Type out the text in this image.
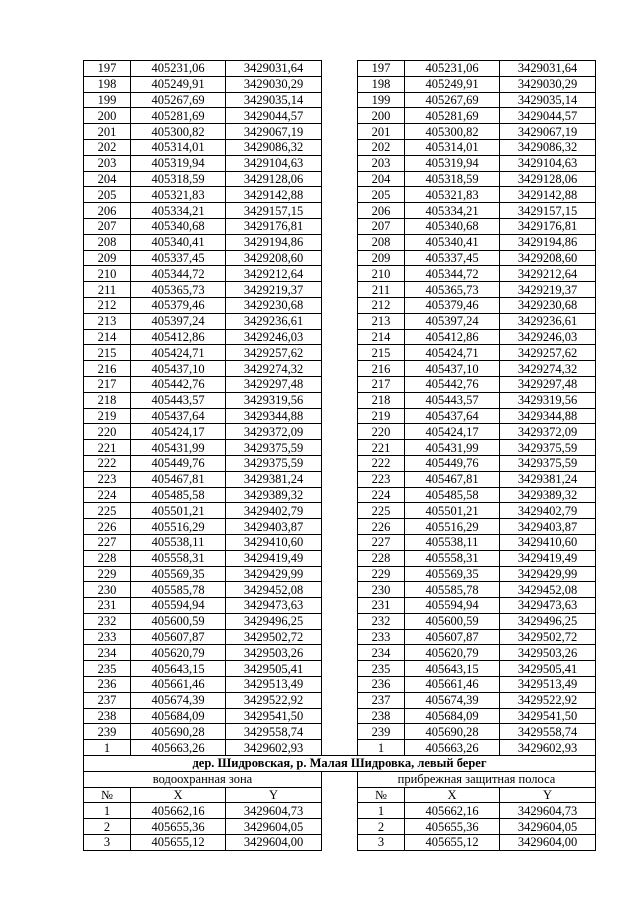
197	405231,06	3429031,64		197	405231,06	3429031,64
198	405249,91	3429030,29		198	405249,91	3429030,29
199	405267,69	3429035,14		199	405267,69	3429035,14
200	405281,69	3429044,57		200	405281,69	3429044,57
201	405300,82	3429067,19		201	405300,82	3429067,19
202	405314,01	3429086,32		202	405314,01	3429086,32
203	405319,94	3429104,63		203	405319,94	3429104,63
204	405318,59	3429128,06		204	405318,59	3429128,06
205	405321,83	3429142,88		205	405321,83	3429142,88
206	405334,21	3429157,15		206	405334,21	3429157,15
207	405340,68	3429176,81		207	405340,68	3429176,81
208	405340,41	3429194,86		208	405340,41	3429194,86
209	405337,45	3429208,60		209	405337,45	3429208,60
210	405344,72	3429212,64		210	405344,72	3429212,64
211	405365,73	3429219,37		211	405365,73	3429219,37
212	405379,46	3429230,68		212	405379,46	3429230,68
213	405397,24	3429236,61		213	405397,24	3429236,61
214	405412,86	3429246,03		214	405412,86	3429246,03
215	405424,71	3429257,62		215	405424,71	3429257,62
216	405437,10	3429274,32		216	405437,10	3429274,32
217	405442,76	3429297,48		217	405442,76	3429297,48
218	405443,57	3429319,56		218	405443,57	3429319,56
219	405437,64	3429344,88		219	405437,64	3429344,88
220	405424,17	3429372,09		220	405424,17	3429372,09
221	405431,99	3429375,59		221	405431,99	3429375,59
222	405449,76	3429375,59		222	405449,76	3429375,59
223	405467,81	3429381,24		223	405467,81	3429381,24
224	405485,58	3429389,32		224	405485,58	3429389,32
225	405501,21	3429402,79		225	405501,21	3429402,79
226	405516,29	3429403,87		226	405516,29	3429403,87
227	405538,11	3429410,60		227	405538,11	3429410,60
228	405558,31	3429419,49		228	405558,31	3429419,49
229	405569,35	3429429,99		229	405569,35	3429429,99
230	405585,78	3429452,08		230	405585,78	3429452,08
231	405594,94	3429473,63		231	405594,94	3429473,63
232	405600,59	3429496,25		232	405600,59	3429496,25
233	405607,87	3429502,72		233	405607,87	3429502,72
234	405620,79	3429503,26		234	405620,79	3429503,26
235	405643,15	3429505,41		235	405643,15	3429505,41
236	405661,46	3429513,49		236	405661,46	3429513,49
237	405674,39	3429522,92		237	405674,39	3429522,92
238	405684,09	3429541,50		238	405684,09	3429541,50
239	405690,28	3429558,74		239	405690,28	3429558,74
1	405663,26	3429602,93		1	405663,26	3429602,93
дер. Шидровская, р. Малая Шидровка, левый берег						
водоохранная зона				прибрежная защитная полоса		
№	X	Y		№	X	Y
1	405662,16	3429604,73		1	405662,16	3429604,73
2	405655,36	3429604,05		2	405655,36	3429604,05
3	405655,12	3429604,00		3	405655,12	3429604,00
